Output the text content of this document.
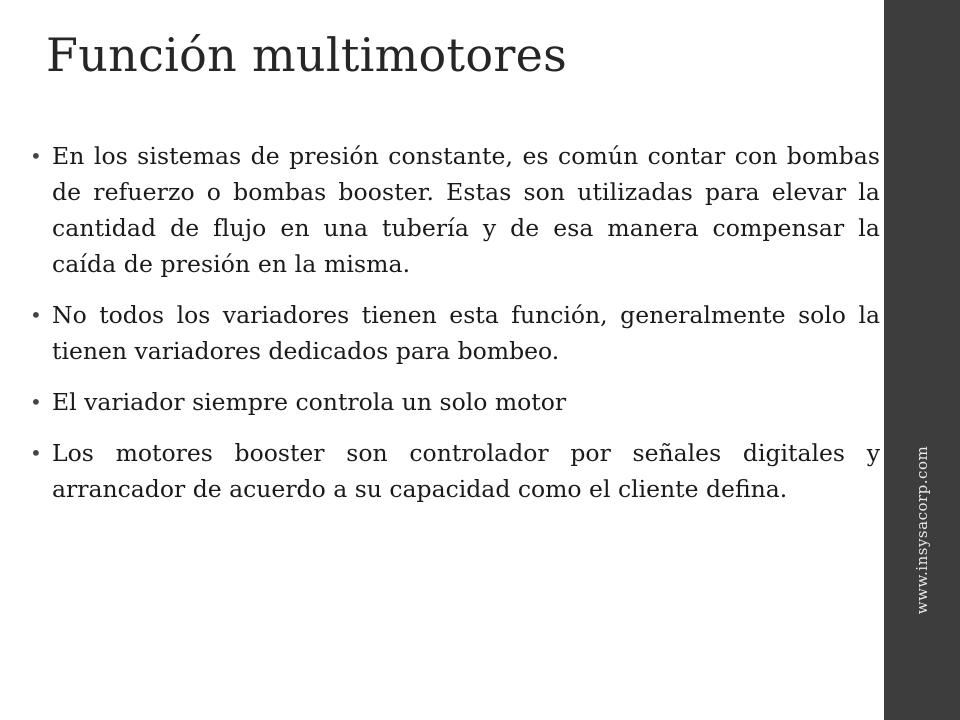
Función multimotores
• En los sistemas de presión constante, es común contar con bombas de refuerzo o bombas booster. Estas son utilizadas para elevar la cantidad de flujo en una tubería y de esa manera compensar la caída de presión en la misma.
• No todos los variadores tienen esta función, generalmente solo la tienen variadores dedicados para bombeo.
• El variador siempre controla un solo motor
• Los motores booster son controlador por señales digitales y arrancador de acuerdo a su capacidad como el cliente defina.	www.insysacorp.com
